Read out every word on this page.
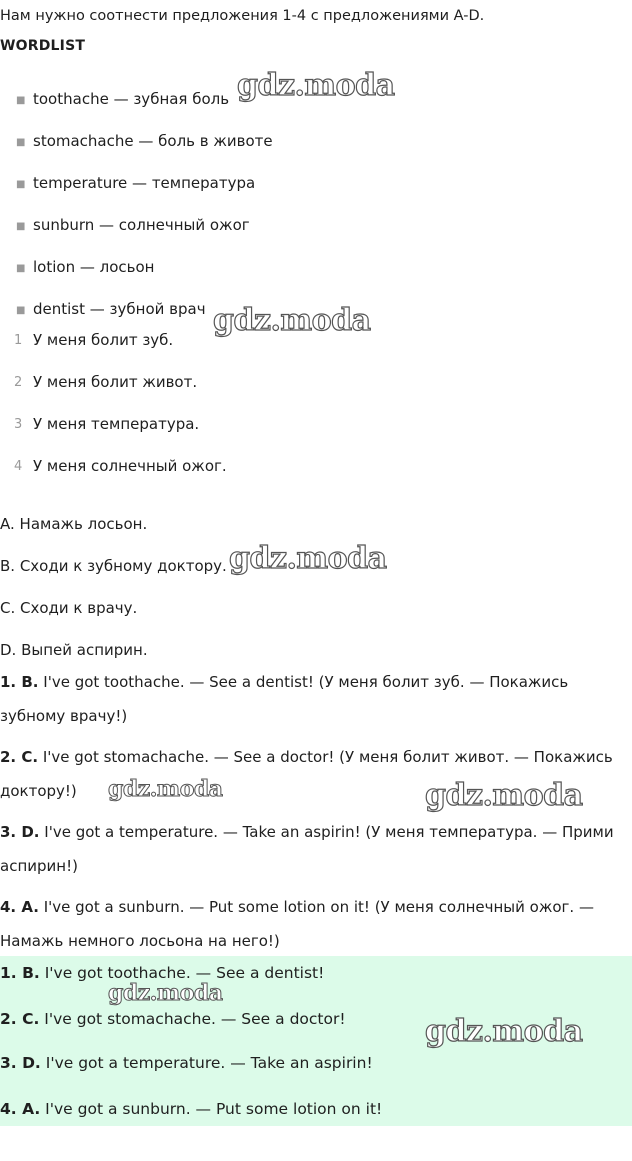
Нам нужно соотнести предложения 1-4 с предложениями A-D.
WORDLIST
■ toothache — зубная боль
■ stomachache — боль в животе
■ temperature — температура
■ sunburn — солнечный ожог
■ lotion — лосьон
■ dentist — зубной врач
1 У меня болит зуб.
2 У меня болит живот.
3 У меня температура.
4 У меня солнечный ожог.
A. Намажь лосьон.
B. Сходи к зубному доктору.
C. Сходи к врачу.
D. Выпей аспирин.
1. B. I've got toothache. — See a dentist! (У меня болит зуб. — Покажись зубному врачу!)
2. C. I've got stomachache. — See a doctor! (У меня болит живот. — Покажись доктору!)
3. D. I've got a temperature. — Take an aspirin! (У меня температура. — Прими аспирин!)
4. A. I've got a sunburn. — Put some lotion on it! (У меня солнечный ожог. — Намажь немного лосьона на него!)
1. B. I've got toothache. — See a dentist!
2. C. I've got stomachache. — See a doctor!
3. D. I've got a temperature. — Take an aspirin!
4. A. I've got a sunburn. — Put some lotion on it!
gdz.moda
gdz.moda
gdz.moda
gdz.moda	gdz.moda
gdz.moda
gdz.moda
